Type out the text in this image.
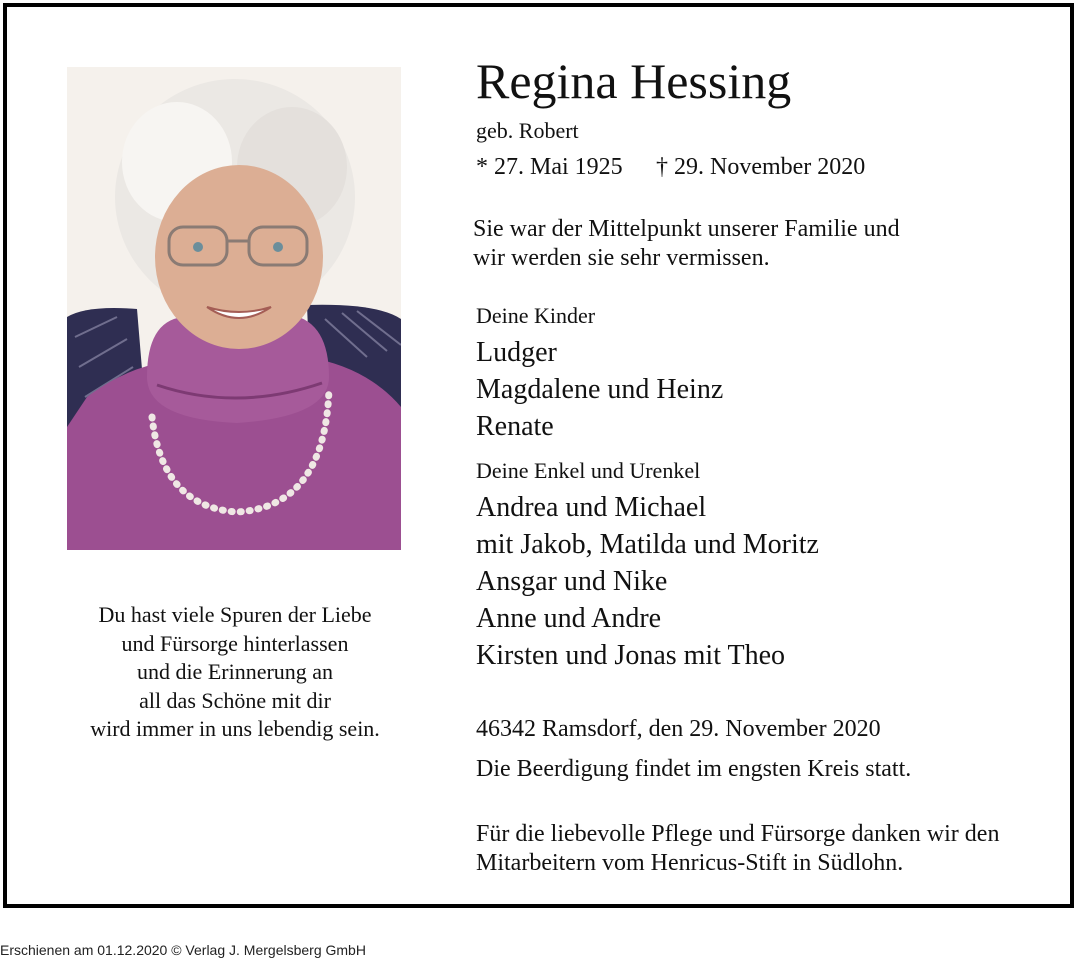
Du hast viele Spuren der Liebe
und Fürsorge hinterlassen
und die Erinnerung an
all das Schöne mit dir
wird immer in uns lebendig sein.
Regina Hessing
geb. Robert
* 27. Mai 1925 † 29. November 2020
Sie war der Mittelpunkt unserer Familie und
wir werden sie sehr vermissen.
Deine Kinder
Ludger
Magdalene und Heinz
Renate
Deine Enkel und Urenkel
Andrea und Michael
mit Jakob, Matilda und Moritz
Ansgar und Nike
Anne und Andre
Kirsten und Jonas mit Theo
46342 Ramsdorf, den 29. November 2020
Die Beerdigung findet im engsten Kreis statt.
Für die liebevolle Pflege und Fürsorge danken wir den
Mitarbeitern vom Henricus-Stift in Südlohn.
Erschienen am 01.12.2020 © Verlag J. Mergelsberg GmbH
